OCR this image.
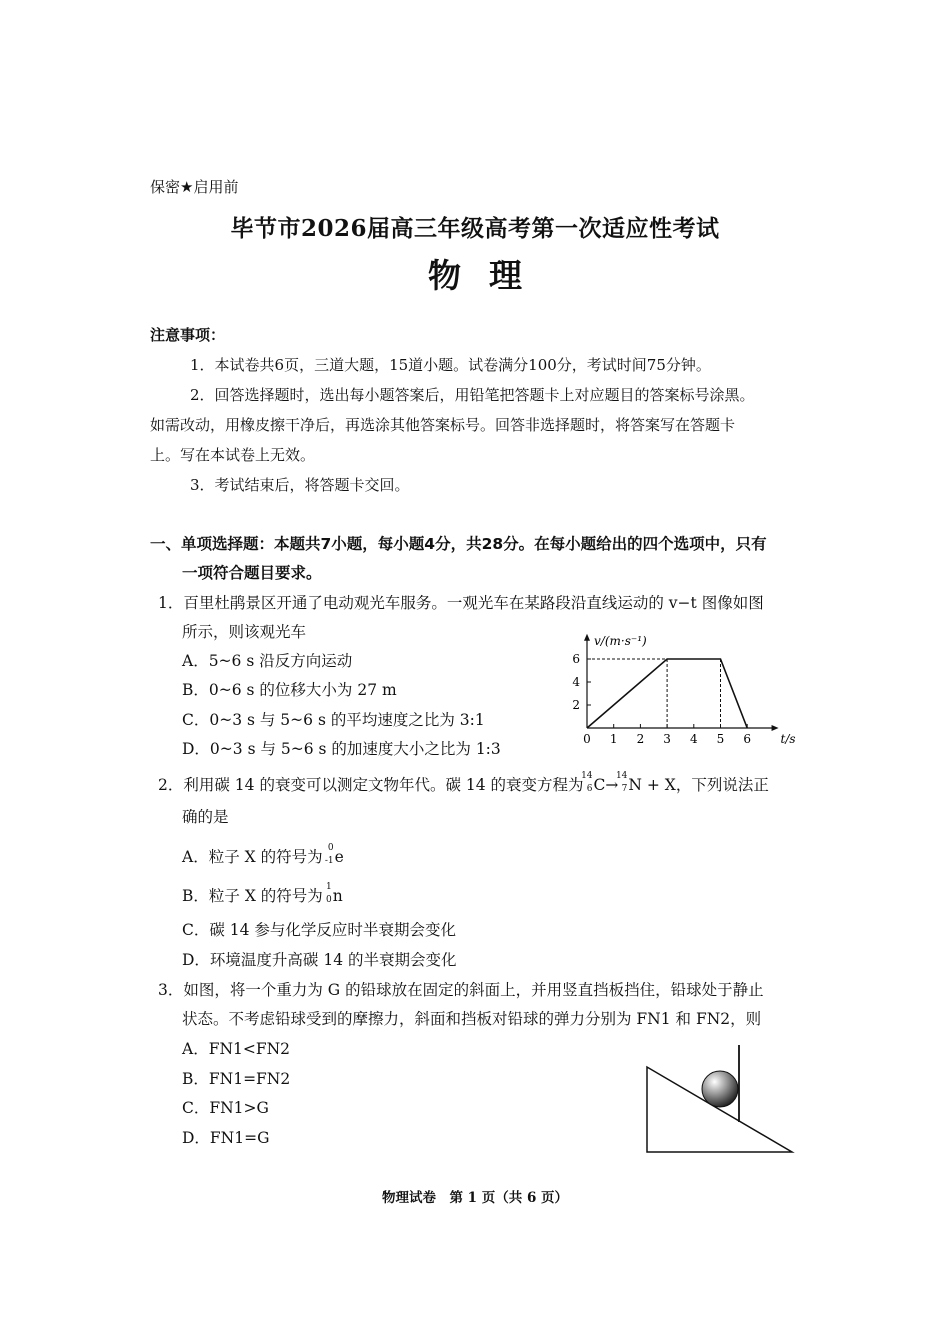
保密★启用前
毕节市2026届高三年级高考第一次适应性考试
物理
注意事项：
1．本试卷共6页，三道大题，15道小题。试卷满分100分，考试时间75分钟。
2．回答选择题时，选出每小题答案后，用铅笔把答题卡上对应题目的答案标号涂黑。
如需改动，用橡皮擦干净后，再选涂其他答案标号。回答非选择题时，将答案写在答题卡
上。写在本试卷上无效。
3．考试结束后，将答题卡交回。
一、单项选择题：本题共7小题，每小题4分，共28分。在每小题给出的四个选项中，只有
一项符合题目要求。
1．百里杜鹃景区开通了电动观光车服务。一观光车在某路段沿直线运动的 v−t 图像如图
所示，则该观光车
A．5~6 s 沿反方向运动
B．0~6 s 的位移大小为 27 m
C．0~3 s 与 5~6 s 的平均速度之比为 3:1
D．0~3 s 与 5~6 s 的加速度大小之比为 1:3
0 1 2 3 4 5 6
2
4
6
v/(m·s⁻¹)
t/s
2．利用碳 14 的衰变可以测定文物年代。碳 14 的衰变方程为
14
6 C→
14
7 N + X，下列说法正
确的是
A．粒子 X 的符号为 0
-1 e
B．粒子 X 的符号为 1
0 n
C．碳 14 参与化学反应时半衰期会变化
D．环境温度升高碳 14 的半衰期会变化
3．如图，将一个重力为 G 的铅球放在固定的斜面上，并用竖直挡板挡住，铅球处于静止
状态。不考虑铅球受到的摩擦力，斜面和挡板对铅球的弹力分别为 FN1 和 FN2，则
A．FN1<FN2
B．FN1=FN2
C．FN1>G
D．FN1=G
物理试卷　第 1 页（共 6 页）
